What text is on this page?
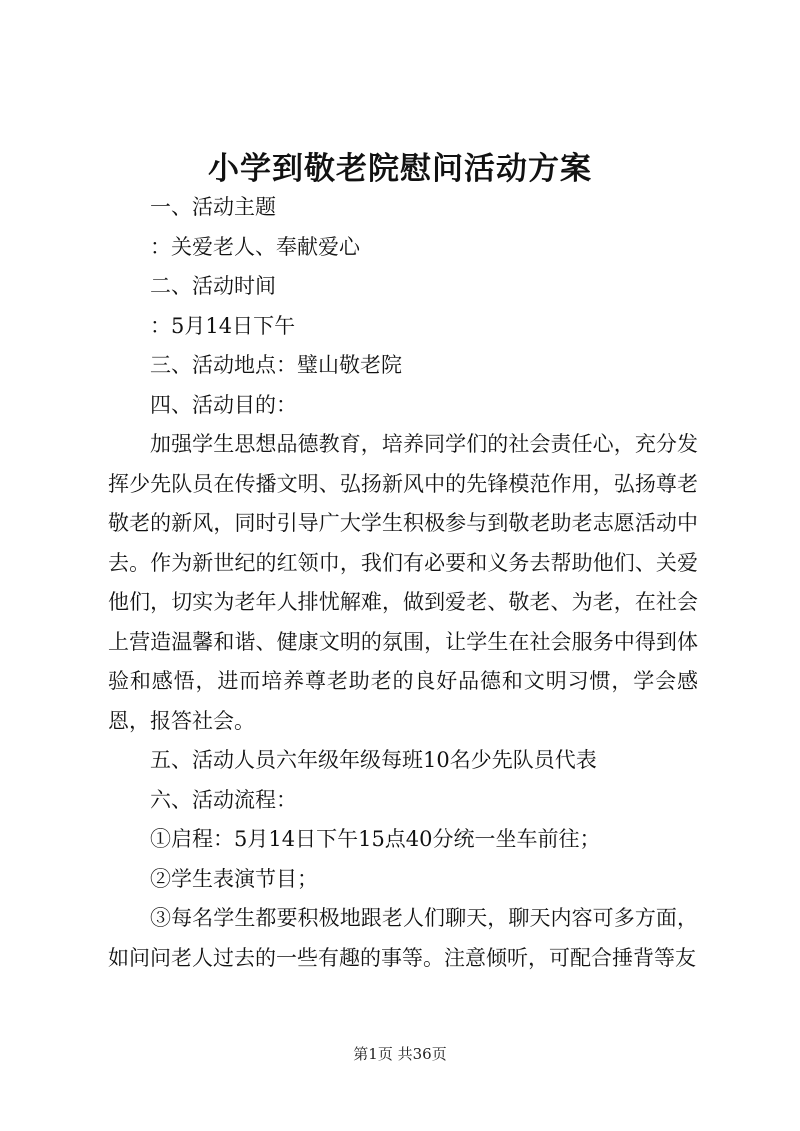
小学到敬老院慰问活动方案

一、活动主题

：关爱老人、奉献爱心

二、活动时间

：5月14日下午

三、活动地点：璧山敬老院

四、活动目的：

加强学生思想品德教育，培养同学们的社会责任心，充分发挥少先队员在传播文明、弘扬新风中的先锋模范作用，弘扬尊老敬老的新风，同时引导广大学生积极参与到敬老助老志愿活动中去。作为新世纪的红领巾，我们有必要和义务去帮助他们、关爱他们，切实为老年人排忧解难，做到爱老、敬老、为老，在社会上营造温馨和谐、健康文明的氛围，让学生在社会服务中得到体验和感悟，进而培养尊老助老的良好品德和文明习惯，学会感恩，报答社会。

五、活动人员六年级年级每班10名少先队员代表

六、活动流程：

①启程：5月14日下午15点40分统一坐车前往；

②学生表演节目；

③每名学生都要积极地跟老人们聊天，聊天内容可多方面，如问问老人过去的一些有趣的事等。注意倾听，可配合捶背等友

第1页 共36页
